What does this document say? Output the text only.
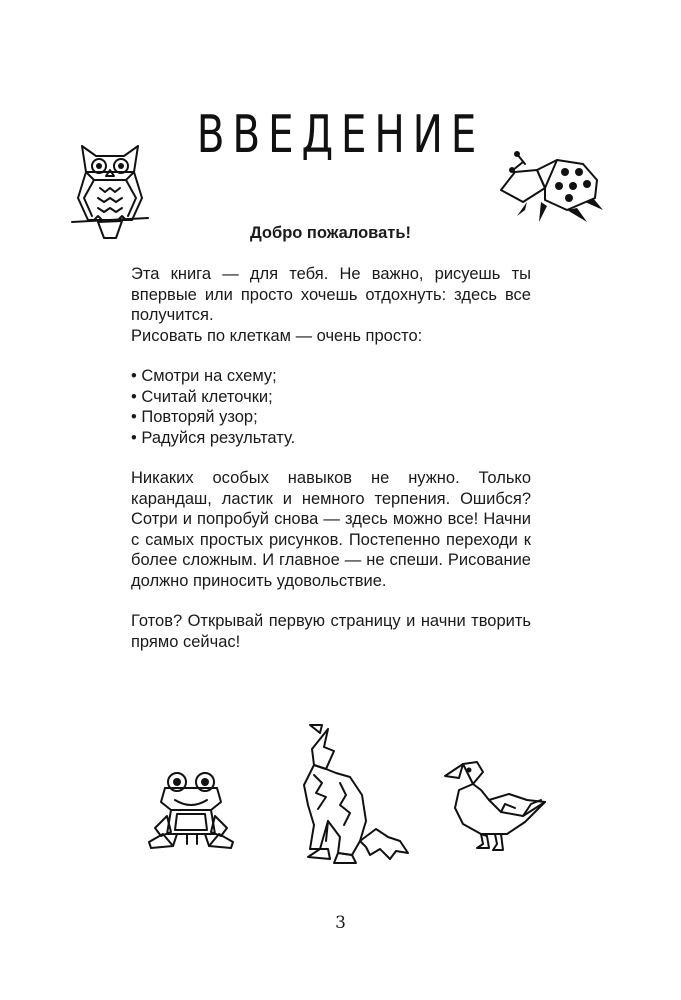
ВВЕДЕНИЕ

Добро пожаловать!

Эта книга — для тебя. Не важно, рисуешь ты впервые или просто хочешь отдохнуть: здесь все получится.

Рисовать по клеткам — очень просто:

• Смотри на схему;
• Считай клеточки;
• Повторяй узор;
• Радуйся результату.

Никаких особых навыков не нужно. Только карандаш, ластик и немного терпения. Ошибся? Сотри и попробуй снова — здесь можно все! Начни с самых простых рисунков. Постепенно переходи к более сложным. И главное — не спеши. Рисование должно приносить удовольствие.

Готов? Открывай первую страницу и начни творить прямо сейчас!

3
